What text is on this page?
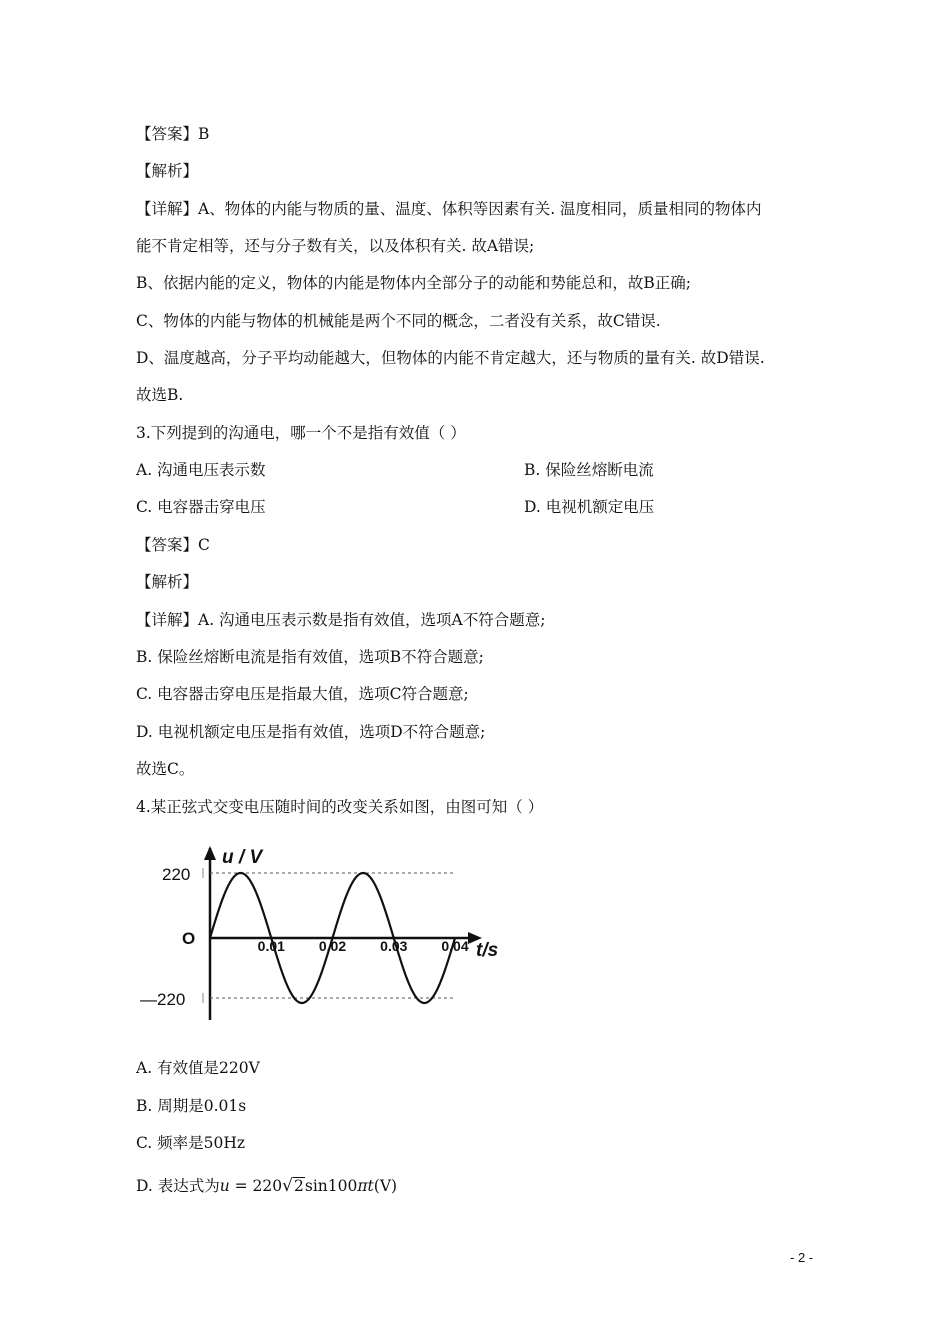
【答案】B
【解析】
【详解】A、物体的内能与物质的量、温度、体积等因素有关. 温度相同，质量相同的物体内
能不肯定相等，还与分子数有关，以及体积有关. 故A错误;
B、依据内能的定义，物体的内能是物体内全部分子的动能和势能总和，故B正确;
C、物体的内能与物体的机械能是两个不同的概念，二者没有关系，故C错误.
D、温度越高，分子平均动能越大，但物体的内能不肯定越大，还与物质的量有关. 故D错误.
故选B.
3.下列提到的沟通电，哪一个不是指有效值（ ）
A. 沟通电压表示数	B. 保险丝熔断电流
C. 电容器击穿电压	D. 电视机额定电压
【答案】C
【解析】
【详解】A. 沟通电压表示数是指有效值，选项A不符合题意;
B. 保险丝熔断电流是指有效值，选项B不符合题意;
C. 电容器击穿电压是指最大值，选项C符合题意;
D. 电视机额定电压是指有效值，选项D不符合题意;
故选C。
4.某正弦式交变电压随时间的改变关系如图，由图可知（ ）
u / V
O
220
—220
0.01 0.02 0.03 0.04 t/s
A. 有效值是220V
B. 周期是0.01s
C. 频率是50Hz
D. 表达式为u = 220√2sin100πt(V)
- 2 -
